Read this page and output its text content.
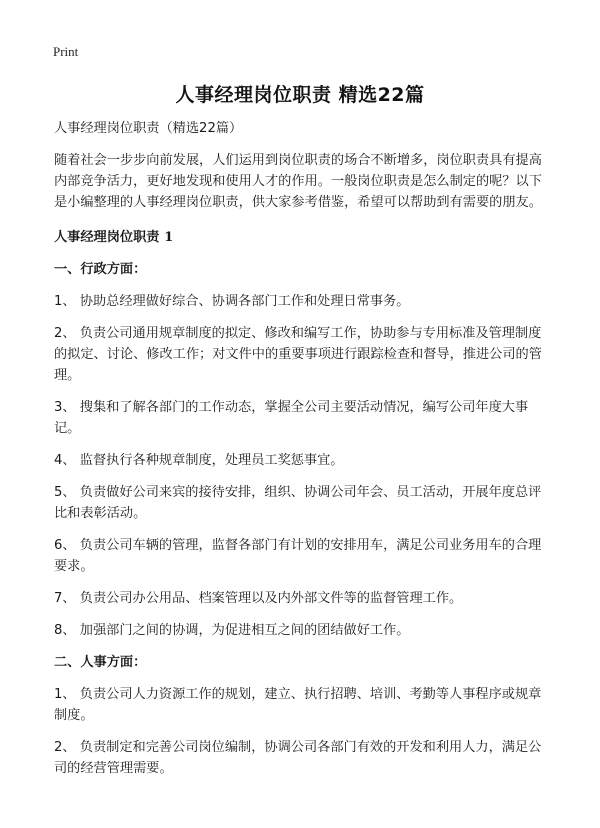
Print
人事经理岗位职责 精选22篇

人事经理岗位职责（精选22篇）

随着社会一步步向前发展，人们运用到岗位职责的场合不断增多，岗位职责具有提高内部竞争活力，更好地发现和使用人才的作用。一般岗位职责是怎么制定的呢？以下是小编整理的人事经理岗位职责，供大家参考借鉴，希望可以帮助到有需要的朋友。

人事经理岗位职责 1

一、行政方面：

1、 协助总经理做好综合、协调各部门工作和处理日常事务。

2、 负责公司通用规章制度的拟定、修改和编写工作，协助参与专用标准及管理制度的拟定、讨论、修改工作；对文件中的重要事项进行跟踪检查和督导，推进公司的管理。

3、 搜集和了解各部门的工作动态，掌握全公司主要活动情况，编写公司年度大事记。

4、 监督执行各种规章制度，处理员工奖惩事宜。

5、 负责做好公司来宾的接待安排，组织、协调公司年会、员工活动，开展年度总评比和表彰活动。

6、 负责公司车辆的管理，监督各部门有计划的安排用车，满足公司业务用车的合理要求。

7、 负责公司办公用品、档案管理以及内外部文件等的监督管理工作。

8、 加强部门之间的协调，为促进相互之间的团结做好工作。

二、人事方面：

1、 负责公司人力资源工作的规划，建立、执行招聘、培训、考勤等人事程序或规章制度。

2、 负责制定和完善公司岗位编制，协调公司各部门有效的开发和利用人力，满足公司的经营管理需要。
